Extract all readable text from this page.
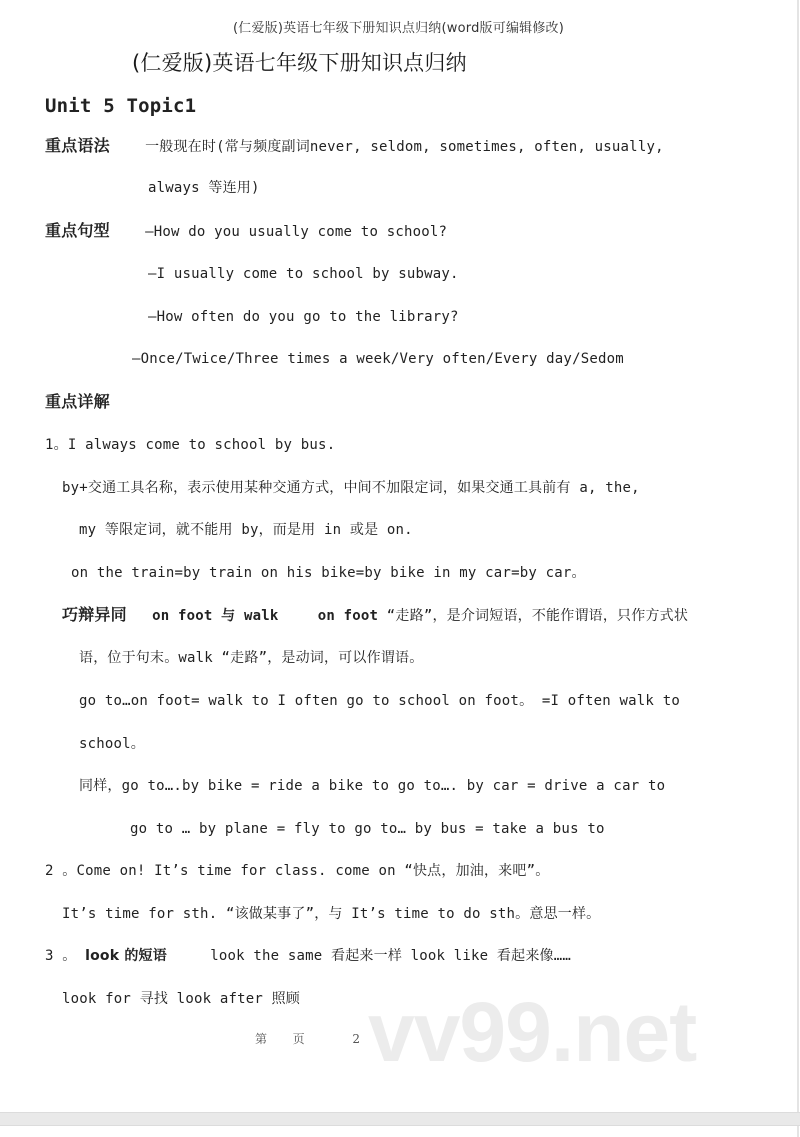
vv99.net
(仁爱版)英语七年级下册知识点归纳(word版可编辑修改)
(仁爱版)英语七年级下册知识点归纳
Unit 5 Topic1
重点语法	一般现在时(常与频度副词never, seldom, sometimes, often, usually,
always 等连用)
重点句型	—How do you usually come to school?
—I usually come to school by subway.
—How often do you go to the library?
—Once/Twice/Three times a week/Very often/Every day/Sedom
重点详解
1。I always come to school by bus.
by+交通工具名称，表示使用某种交通方式，中间不加限定词，如果交通工具前有 a, the,
my 等限定词，就不能用 by，而是用 in 或是 on.
on the train=by train on his bike=by bike in my car=by car。
巧辩异同 on foot 与 walk	on foot “走路”，是介词短语，不能作谓语，只作方式状
语，位于句末。walk “走路”，是动词，可以作谓语。
go to…on foot= walk to I often go to school on foot。 =I often walk to
school。
同样，go to….by bike = ride a bike to go to…. by car = drive a car to
go to … by plane = fly to go to… by bus = take a bus to
2 。Come on! It’s time for class. come on “快点，加油，来吧”。
It’s time for sth. “该做某事了”，与 It’s time to do sth。意思一样。
3 。 look 的短语	look the same 看起来一样 look like 看起来像……
look for 寻找 look after 照顾
第 页	2
